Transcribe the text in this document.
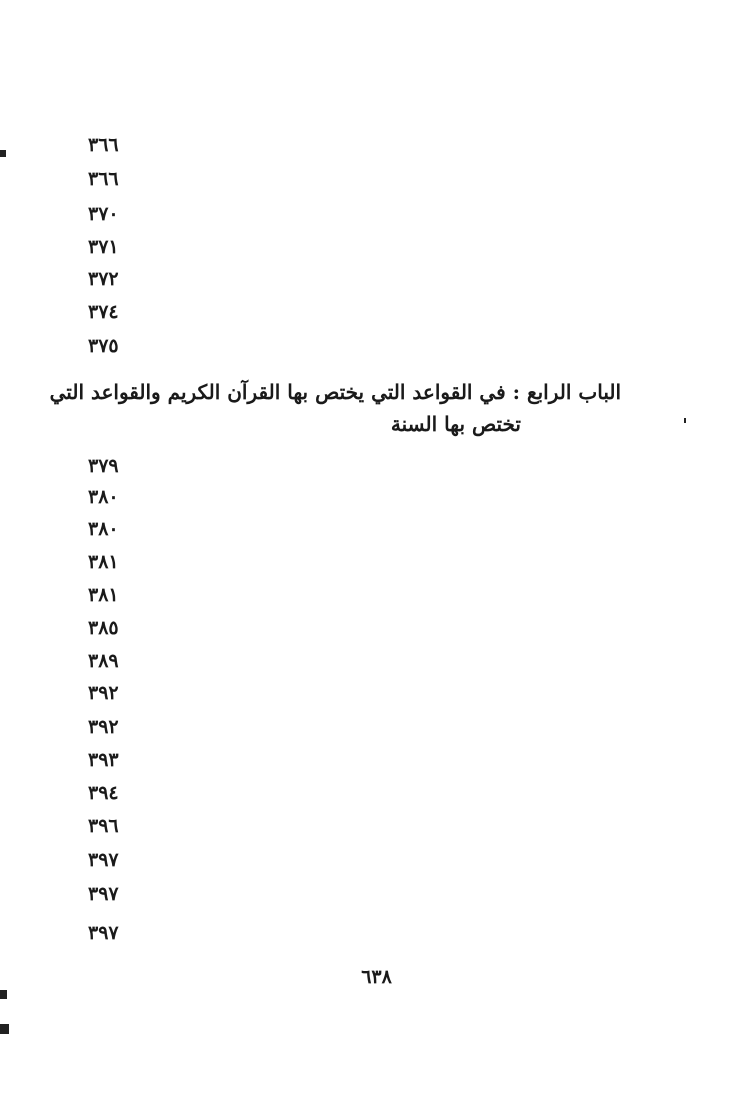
٣٦٦
٣٦٦
٣٧٠
٣٧١
٣٧٢
٣٧٤
٣٧٥
الباب الرابع : في القواعد التي يختص بها القرآن الكريم والقواعد التي
تختص بها السنة
٣٧٩
٣٨٠
٣٨٠
٣٨١
٣٨١
٣٨٥
٣٨٩
٣٩٢
٣٩٢
٣٩٣
٣٩٤
٣٩٦
٣٩٧
٣٩٧
٣٩٧
٦٣٨
